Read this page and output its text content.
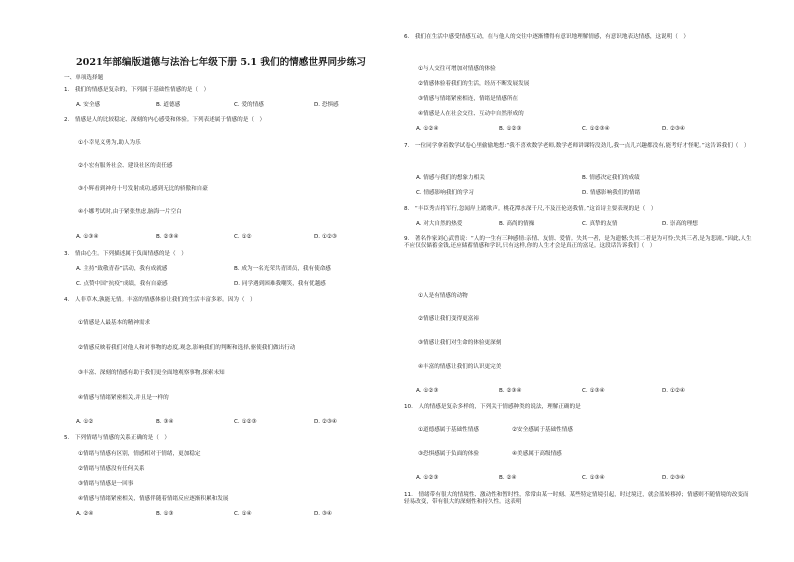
2021年部编版道德与法治七年级下册 5.1 我们的情感世界同步练习
一、单项选择题
1.　我们的情感是复杂的，下列属于基础性情感的是（　）
A. 安全感	B. 道德感	C. 爱的情感	D. 恐惧感
2.　情感是人的比较稳定、深刻的内心感受和体验。下列表述属于情感的是（　）
①小幸见义勇为,助人为乐
②小宏有服务社会、建设社区的责任感
③小辉看到神舟十号发射成功,感到无比的骄傲和自豪
④小娜考试时,由于紧张焦虑,脑海一片空白
A. ①③④	B. ②③④	C. ①②	D. ①②③
3.　情由心生。下列描述属于负面情感的是（　）
A. 主持“致敬青春”活动，我有成就感	B. 成为一名光荣共青团员，我有使命感
C. 点赞中国“抗疫”成绩，我有自豪感	D. 同学遇到困难我嘲笑，我有优越感
4.　人非草木,孰能无情。丰富的情感体验让我们的生活丰富多彩。因为（　）
①情感是人最基本的精神需求
②情感反映着我们对他人和对事物的态度,观念,影响我们的判断和选择,驱使我们做出行动
③丰富、深刻的情感有助于我们更全面地观察事物,探索未知
④情感与情绪紧密相关,并且是一样的
A. ①②	B. ③④	C. ①②③	D. ②③④
5.　下列情绪与情感的关系正确的是（　）
①情绪与情感有区别，情感相对于情绪，更加稳定
②情绪与情感没有任何关系
③情绪与情感是一回事
④情感与情绪紧密相关，情感伴随着情绪反应逐渐积累和发展
A. ②④	B. ①③	C. ①④	D. ③④
6.　我们在生活中感受情感互动，在与他人的交往中逐渐懂得有意识地理解情感，有意识地表达情感，这说明（　）
①与人交往可增加对情感的体验
②情感体验着我们的生活，经历不断发展发展
③情感与情绪紧密相连，情绪是情感所在
④情感是人在社会交往、互动中自然形成的
A. ①②④	B. ①②③	C. ①②③④	D. ②③④
7.　一位同学拿着数学试卷心里偷偷地想:“我不喜欢数学老师,数学老师讲课特没劲儿,我一点儿兴趣都没有,能考好才怪呢。”这告诉我们（　）
A. 情感与我们的想象力相关	B. 情感决定我们的成绩
C. 情感影响我们的学习	D. 情感影响我们的情绪
8.　“丰臣秀吉将军行,忽闻岸上踏歌声。桃花潭水深千尺,不及汪伦送我情。”这首诗主要表现的是（　）
A. 对大自然的热爱	B. 高尚的情操	C. 真挚的友情	D. 崇高的理想
9.　著名作家刘心武曾说：“人的一生有三种感情:亲情、友情、爱情。失其一者，是为遗憾;失其二者是为可怜;失其三者,是为悲剧。”因此,人生不应仅仅储蓄金钱,还应储蓄情感和学识,只有这样,你的人生才会是真正的富足。这段话告诉我们（　）
①人是有情感的动物
②情感让我们变得更富裕
③情感让我们对生命的体验更深刻
④丰富的情感让我们的认识更完美
A. ①②③	B. ②③④	C. ①③④	D. ①②④
10.　人的情感是复杂多样的，下列关于情感种类的说法，理解正确的是
①道德感属于基础性情感	②安全感属于基础性情感
③恐惧感属于负面的体验	④美感属于高级情感
A. ①②③	B. ②④	C. ①③④	D. ②③④
11.　情绪带有很大的情境性、激动性和暂时性，常常由某一时刻、某些特定情境引起，时过境迁，就会蓝转移掉；情感则不随情境的改变而轻易改变，带有很大的深刻性和持久性。这表明
